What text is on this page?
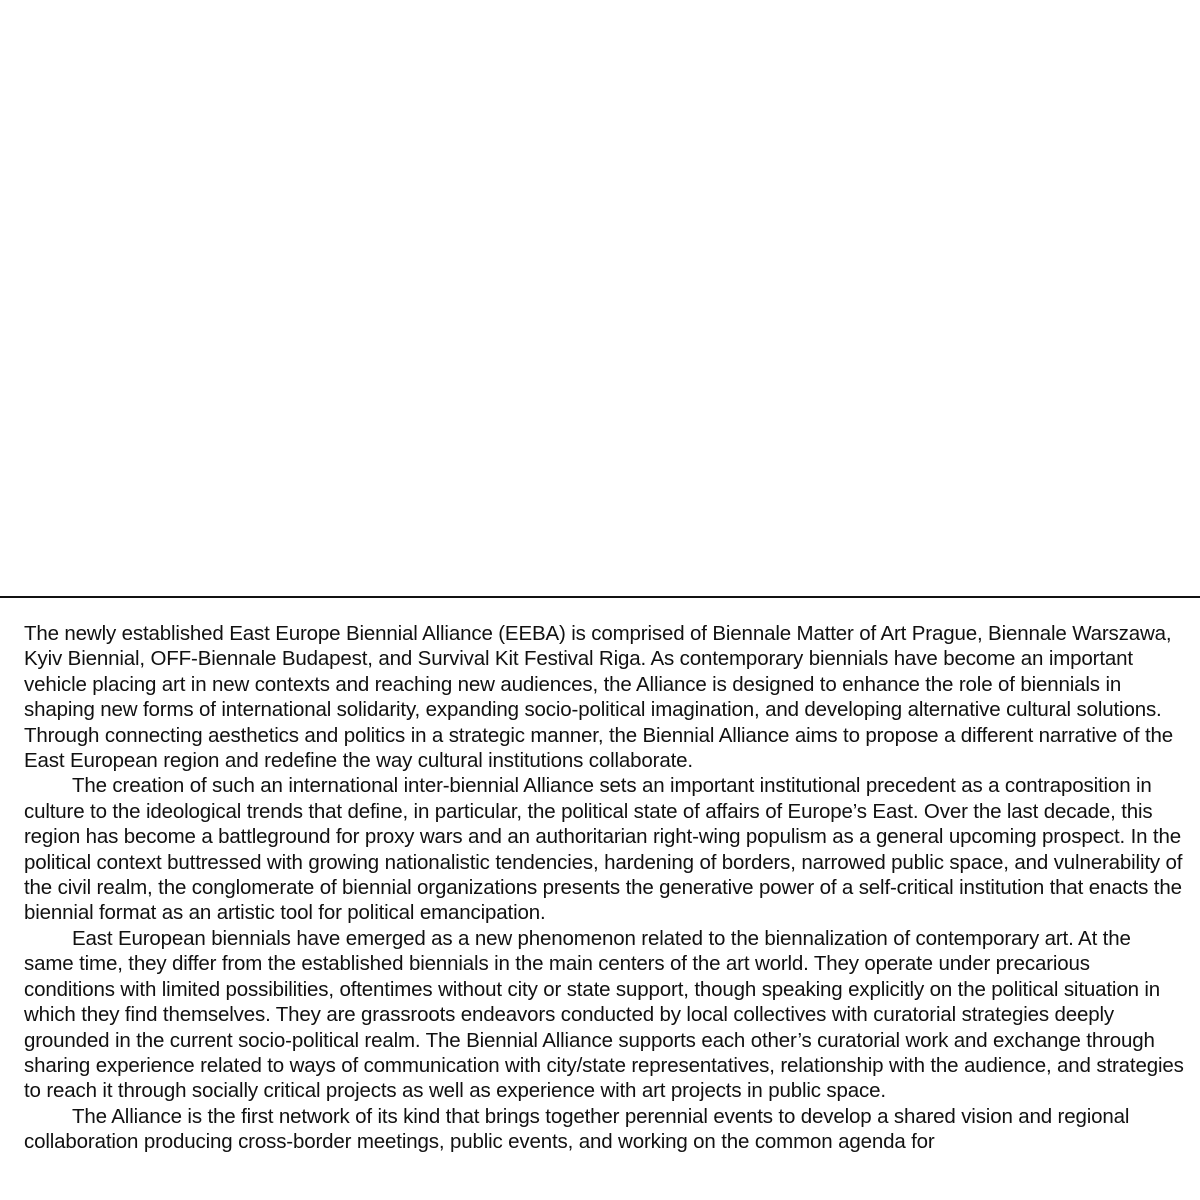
The newly established East Europe Biennial Alliance (EEBA) is comprised of Biennale Matter of Art Prague, Biennale Warszawa, Kyiv Biennial, OFF-Biennale Budapest, and Survival Kit Festival Riga. As contemporary biennials have become an important vehicle placing art in new contexts and reaching new audiences, the Alliance is designed to enhance the role of biennials in shaping new forms of international solidarity, expanding socio-political imagination, and developing alternative cultural solutions. Through connecting aesthetics and politics in a strategic manner, the Biennial Alliance aims to propose a different narrative of the East European region and redefine the way cultural institutions collaborate.

The creation of such an international inter-biennial Alliance sets an important institutional precedent as a contraposition in culture to the ideological trends that define, in particular, the political state of affairs of Europe’s East. Over the last decade, this region has become a battleground for proxy wars and an authoritarian right-wing populism as a general upcoming prospect. In the political context buttressed with growing nationalistic tendencies, hardening of borders, narrowed public space, and vulnerability of the civil realm, the conglomerate of biennial organizations presents the generative power of a self-critical institution that enacts the biennial format as an artistic tool for political emancipation.

East European biennials have emerged as a new phenomenon related to the biennalization of contemporary art. At the same time, they differ from the established biennials in the main centers of the art world. They operate under precarious conditions with limited possibilities, oftentimes without city or state support, though speaking explicitly on the political situation in which they find themselves. They are grassroots endeavors conducted by local collectives with curatorial strategies deeply grounded in the current socio-political realm. The Biennial Alliance supports each other’s curatorial work and exchange through sharing experience related to ways of communication with city/state representatives, relationship with the audience, and strategies to reach it through socially critical projects as well as experience with art projects in public space.

The Alliance is the first network of its kind that brings together perennial events to develop a shared vision and regional collaboration producing cross-border meetings, public events, and working on the common agenda for
